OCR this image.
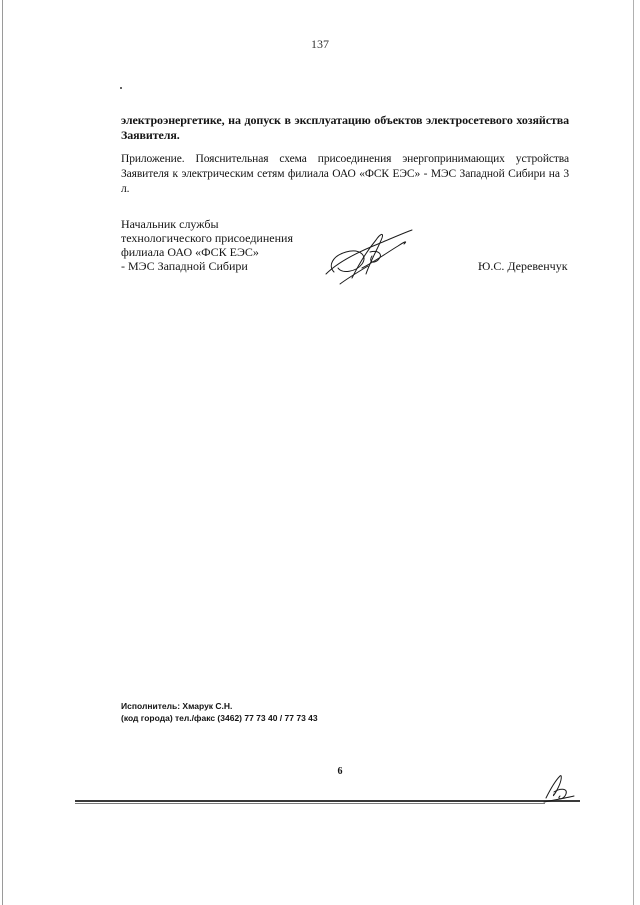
137
электроэнергетике, на допуск в эксплуатацию объектов электросетевого хозяйства Заявителя.
Приложение. Пояснительная схема присоединения энергопринимающих устройства Заявителя к электрическим сетям филиала ОАО «ФСК ЕЭС» - МЭС Западной Сибири на 3 л.
Начальник службы
технологического присоединения
филиала ОАО «ФСК ЕЭС»
- МЭС Западной Сибири	Ю.С. Деревенчук
Исполнитель: Хмарук С.Н.
(код города) тел./факс (3462) 77 73 40 / 77 73 43
6
